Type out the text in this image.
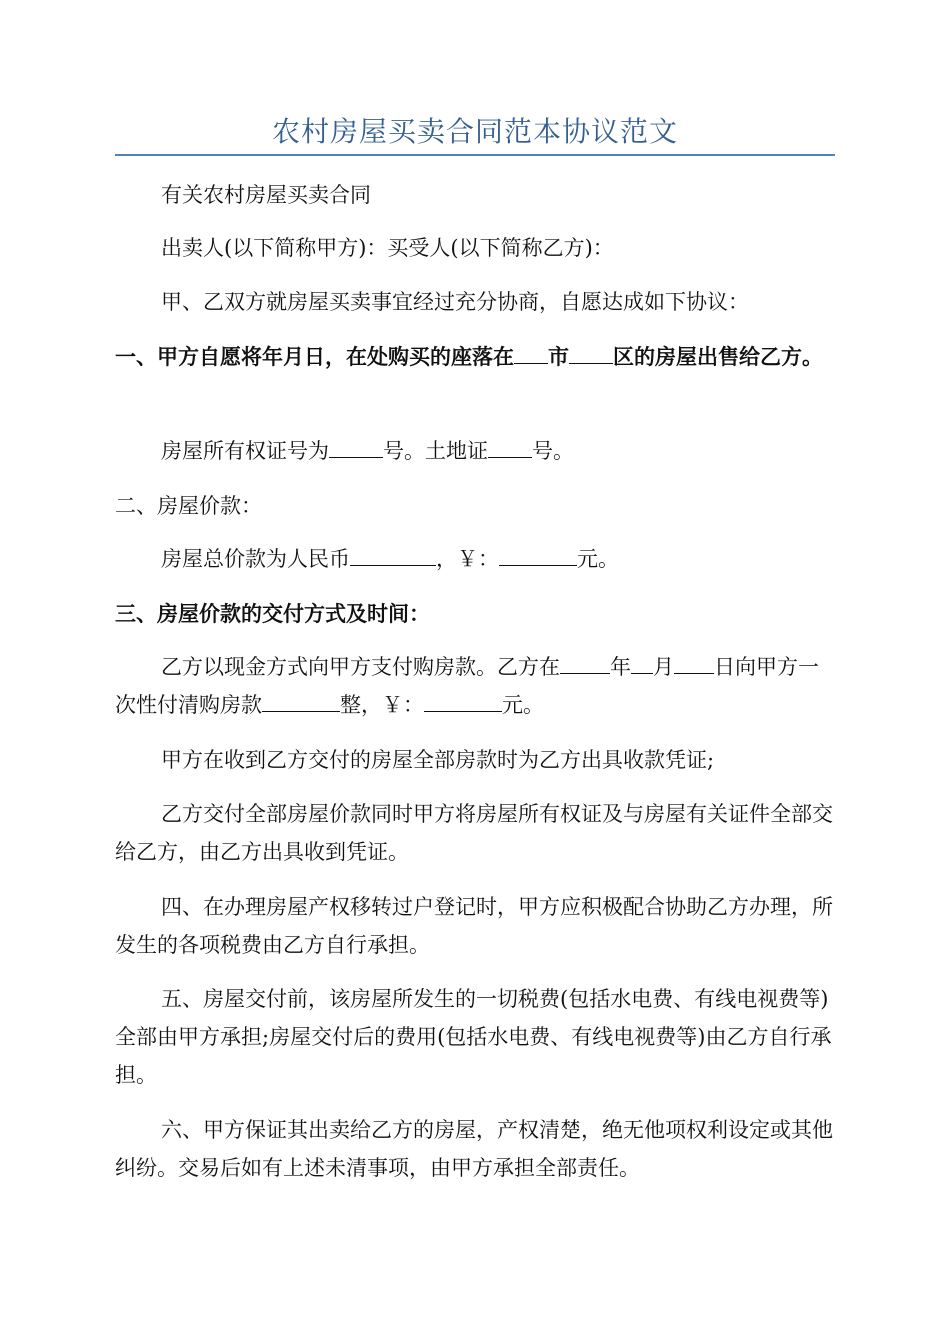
农村房屋买卖合同范本协议范文
有关农村房屋买卖合同
出卖人(以下简称甲方)：买受人(以下简称乙方)：
甲、乙双方就房屋买卖事宜经过充分协商，自愿达成如下协议：
一、甲方自愿将年月日，在处购买的座落在 市 区的房屋出售给乙方。
房屋所有权证号为	号。土地证 号。
二、房屋价款：
房屋总价款为人民币	，￥：	元。
三、房屋价款的交付方式及时间：
乙方以现金方式向甲方支付购房款。乙方在 年 月 日向甲方一次性付清购房款	整，￥：	元。
甲方在收到乙方交付的房屋全部房款时为乙方出具收款凭证;
乙方交付全部房屋价款同时甲方将房屋所有权证及与房屋有关证件全部交给乙方，由乙方出具收到凭证。
四、在办理房屋产权移转过户登记时，甲方应积极配合协助乙方办理，所发生的各项税费由乙方自行承担。
五、房屋交付前，该房屋所发生的一切税费(包括水电费、有线电视费等)全部由甲方承担;房屋交付后的费用(包括水电费、有线电视费等)由乙方自行承担。
六、甲方保证其出卖给乙方的房屋，产权清楚，绝无他项权利设定或其他纠纷。交易后如有上述未清事项，由甲方承担全部责任。
